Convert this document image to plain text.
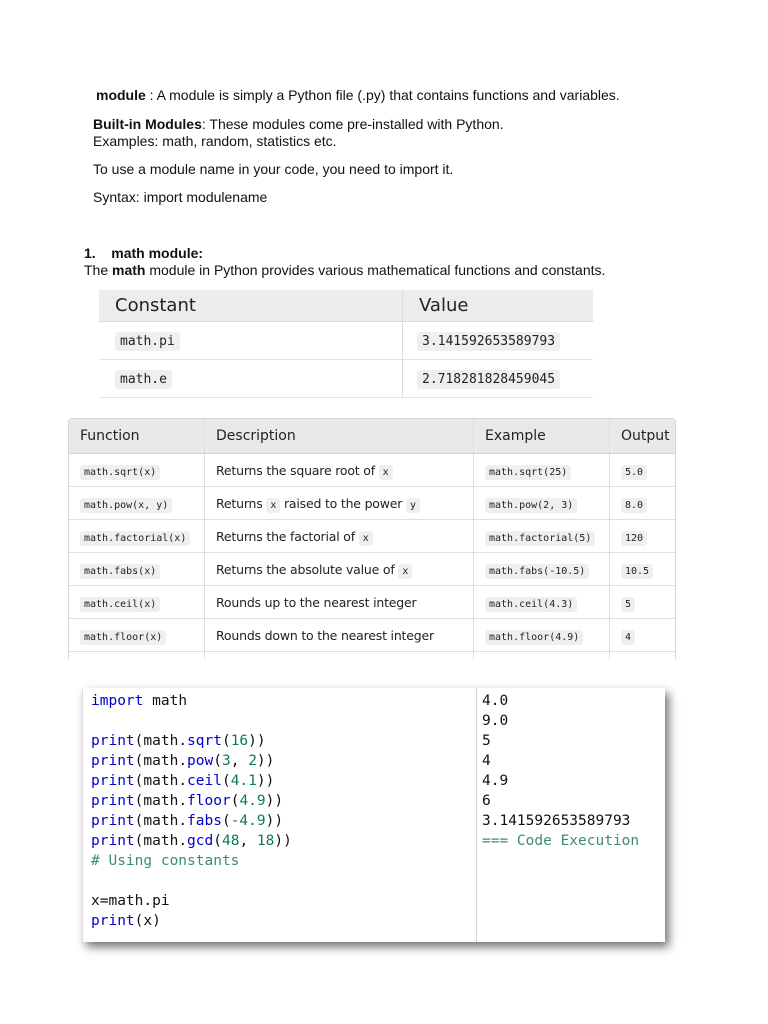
module : A module is simply a Python file (.py) that contains functions and variables.

Built-in Modules: These modules come pre-installed with Python.

Examples: math, random, statistics etc.

To use a module name in your code, you need to import it.

Syntax: import modulename

1. math module:

The math module in Python provides various mathematical functions and constants.

Constant	Value
math.pi	3.141592653589793
math.e	2.718281828459045
Function	Description	Example	Output
math.sqrt(x)	Returns the square root of x	math.sqrt(25)	5.0
math.pow(x, y)	Returns x raised to the power y	math.pow(2, 3)	8.0
math.factorial(x)	Returns the factorial of x	math.factorial(5)	120
math.fabs(x)	Returns the absolute value of x	math.fabs(-10.5)	10.5
math.ceil(x)	Rounds up to the nearest integer	math.ceil(4.3)	5
math.floor(x)	Rounds down to the nearest integer	math.floor(4.9)	4

import math

print(math.sqrt(16))

print(math.pow(3, 2))

print(math.ceil(4.1))

print(math.floor(4.9))

print(math.fabs(-4.9))

print(math.gcd(48, 18))

# Using constants

x=math.pi

print(x)

4.0

9.0

5

4

4.9

6

3.141592653589793

=== Code Execution
